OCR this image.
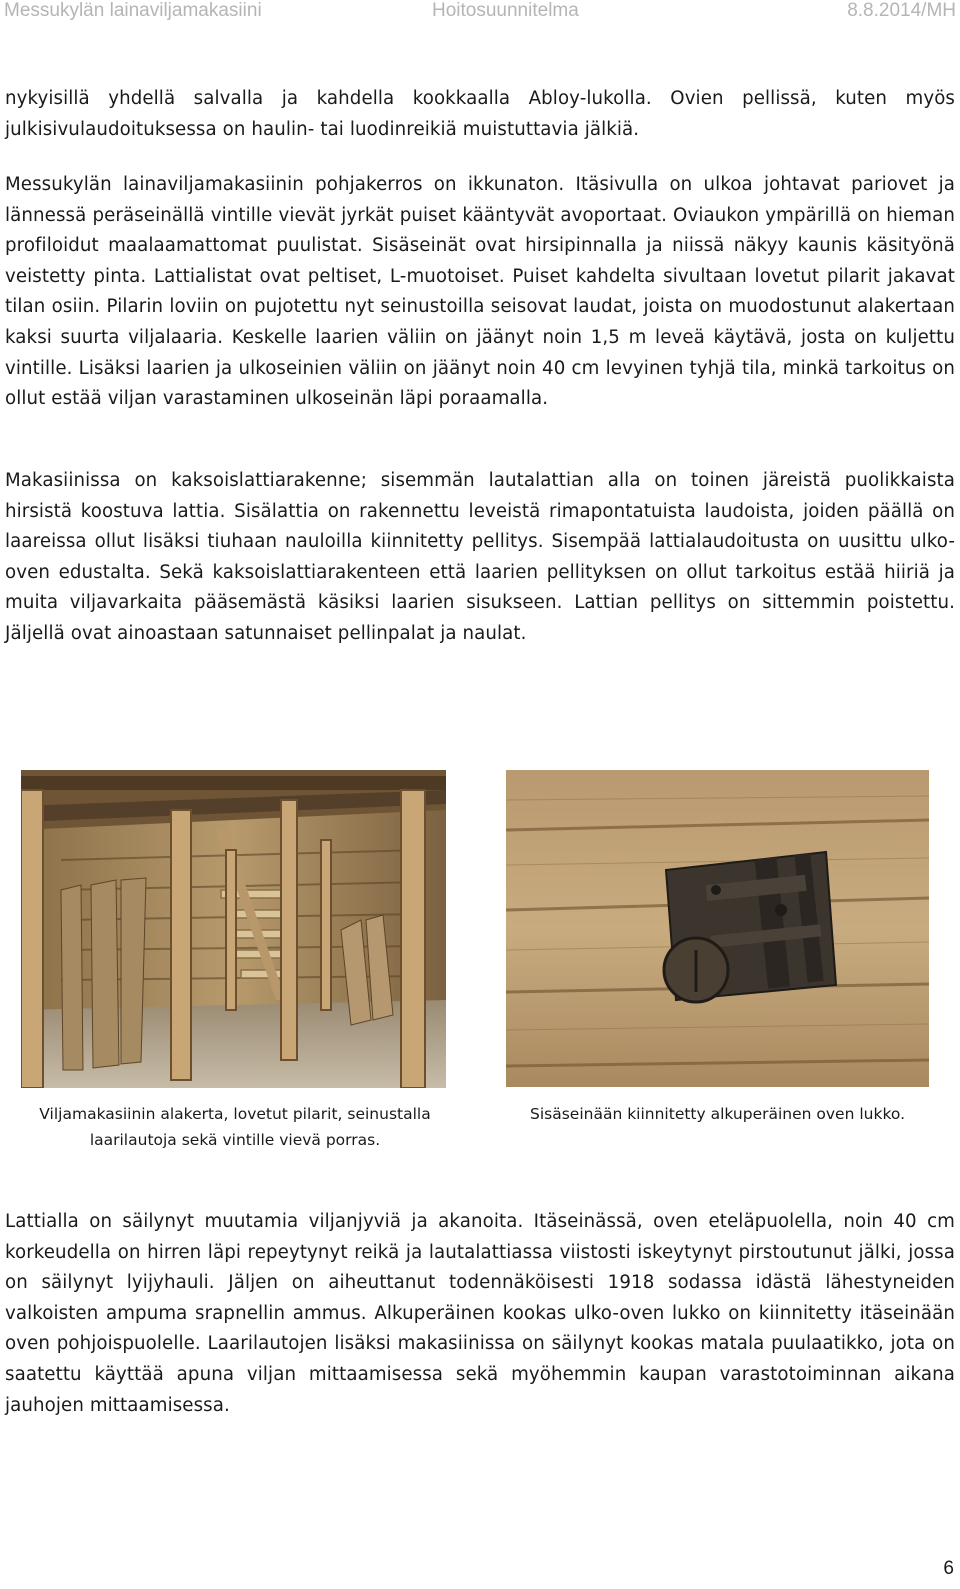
Messukylän lainaviljamakasiini	Hoitosuunnitelma	8.8.2014/MH

nykyisillä yhdellä salvalla ja kahdella kookkaalla Abloy-lukolla. Ovien pellissä, kuten myös julkisivulaudoituksessa on haulin- tai luodinreikiä muistuttavia jälkiä.

Messukylän lainaviljamakasiinin pohjakerros on ikkunaton. Itäsivulla on ulkoa johtavat pariovet ja lännessä peräseinällä vintille vievät jyrkät puiset kääntyvät avoportaat. Oviaukon ympärillä on hieman profiloidut maalaamattomat puulistat. Sisäseinät ovat hirsipinnalla ja niissä näkyy kaunis käsityönä veistetty pinta. Lattialistat ovat peltiset, L-muotoiset. Puiset kahdelta sivultaan lovetut pilarit jakavat tilan osiin. Pilarin loviin on pujotettu nyt seinustoilla seisovat laudat, joista on muodostunut alakertaan kaksi suurta viljalaaria. Keskelle laarien väliin on jäänyt noin 1,5 m leveä käytävä, josta on kuljettu vintille. Lisäksi laarien ja ulkoseinien väliin on jäänyt noin 40 cm levyinen tyhjä tila, minkä tarkoitus on ollut estää viljan varastaminen ulkoseinän läpi poraamalla.

Makasiinissa on kaksoislattiarakenne; sisemmän lautalattian alla on toinen järeistä puolikkaista hirsistä koostuva lattia. Sisälattia on rakennettu leveistä rimapontatuista laudoista, joiden päällä on laareissa ollut lisäksi tiuhaan nauloilla kiinnitetty pellitys. Sisempää lattialaudoitusta on uusittu ulko-oven edustalta. Sekä kaksoislattiarakenteen että laarien pellityksen on ollut tarkoitus estää hiiriä ja muita viljavarkaita pääsemästä käsiksi laarien sisukseen. Lattian pellitys on sittemmin poistettu. Jäljellä ovat ainoastaan satunnaiset pellinpalat ja naulat.

Viljamakasiinin alakerta, lovetut pilarit, seinustalla laarilautoja sekä vintille vievä porras.

Sisäseinään kiinnitetty alkuperäinen oven lukko.

Lattialla on säilynyt muutamia viljanjyviä ja akanoita. Itäseinässä, oven eteläpuolella, noin 40 cm korkeudella on hirren läpi repeytynyt reikä ja lautalattiassa viistosti iskeytynyt pirstoutunut jälki, jossa on säilynyt lyijyhauli. Jäljen on aiheuttanut todennäköisesti 1918 sodassa idästä lähestyneiden valkoisten ampuma srapnellin ammus. Alkuperäinen kookas ulko-oven lukko on kiinnitetty itäseinään oven pohjoispuolelle. Laarilautojen lisäksi makasiinissa on säilynyt kookas matala puulaatikko, jota on saatettu käyttää apuna viljan mittaamisessa sekä myöhemmin kaupan varastotoiminnan aikana jauhojen mittaamisessa.

6
